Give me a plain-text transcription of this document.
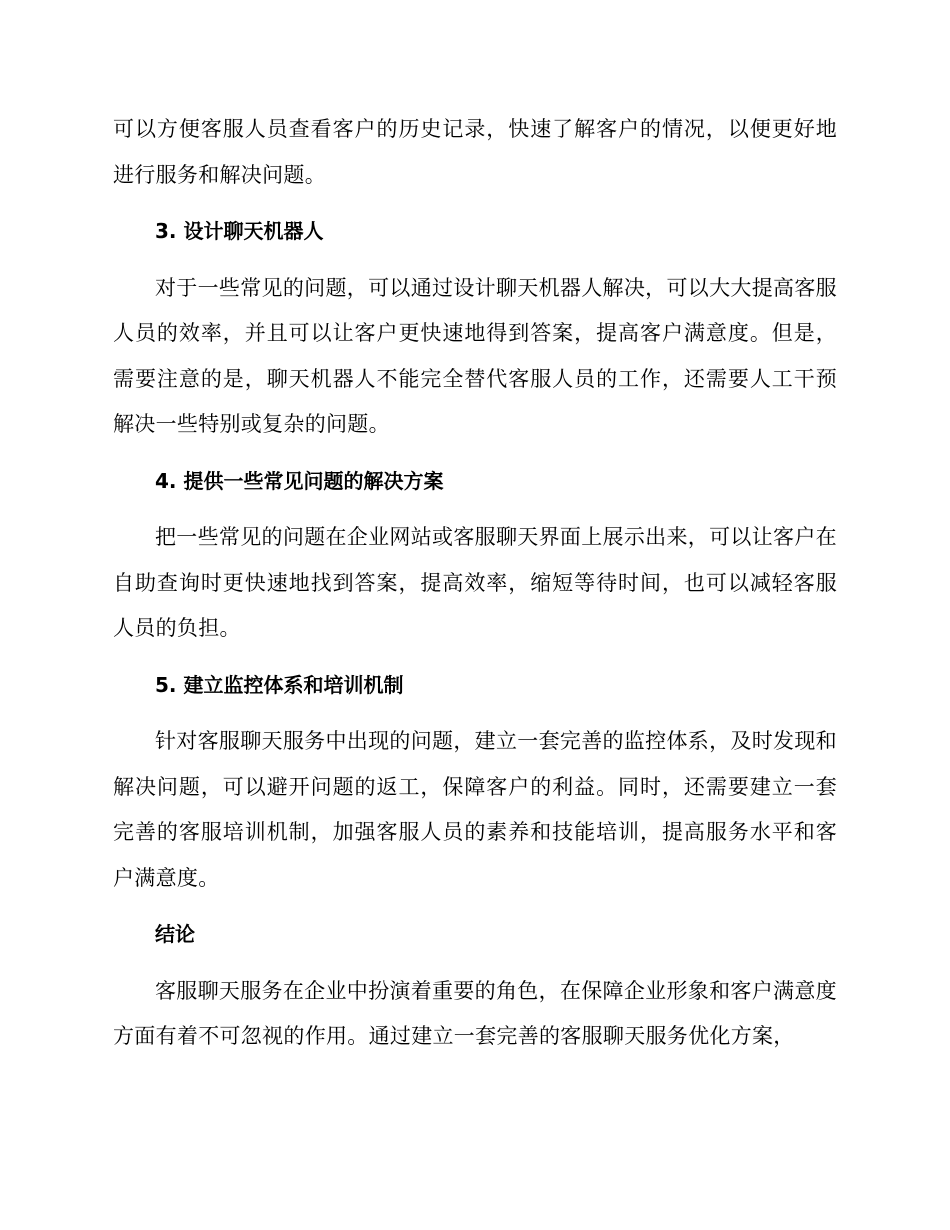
可以方便客服人员查看客户的历史记录，快速了解客户的情况，以便更好地进行服务和解决问题。

3. 设计聊天机器人

对于一些常见的问题，可以通过设计聊天机器人解决，可以大大提高客服人员的效率，并且可以让客户更快速地得到答案，提高客户满意度。但是，需要注意的是，聊天机器人不能完全替代客服人员的工作，还需要人工干预解决一些特别或复杂的问题。

4. 提供一些常见问题的解决方案

把一些常见的问题在企业网站或客服聊天界面上展示出来，可以让客户在自助查询时更快速地找到答案，提高效率，缩短等待时间，也可以减轻客服人员的负担。

5. 建立监控体系和培训机制

针对客服聊天服务中出现的问题，建立一套完善的监控体系，及时发现和解决问题，可以避开问题的返工，保障客户的利益。同时，还需要建立一套完善的客服培训机制，加强客服人员的素养和技能培训，提高服务水平和客户满意度。

结论

客服聊天服务在企业中扮演着重要的角色，在保障企业形象和客户满意度方面有着不可忽视的作用。通过建立一套完善的客服聊天服务优化方案，
